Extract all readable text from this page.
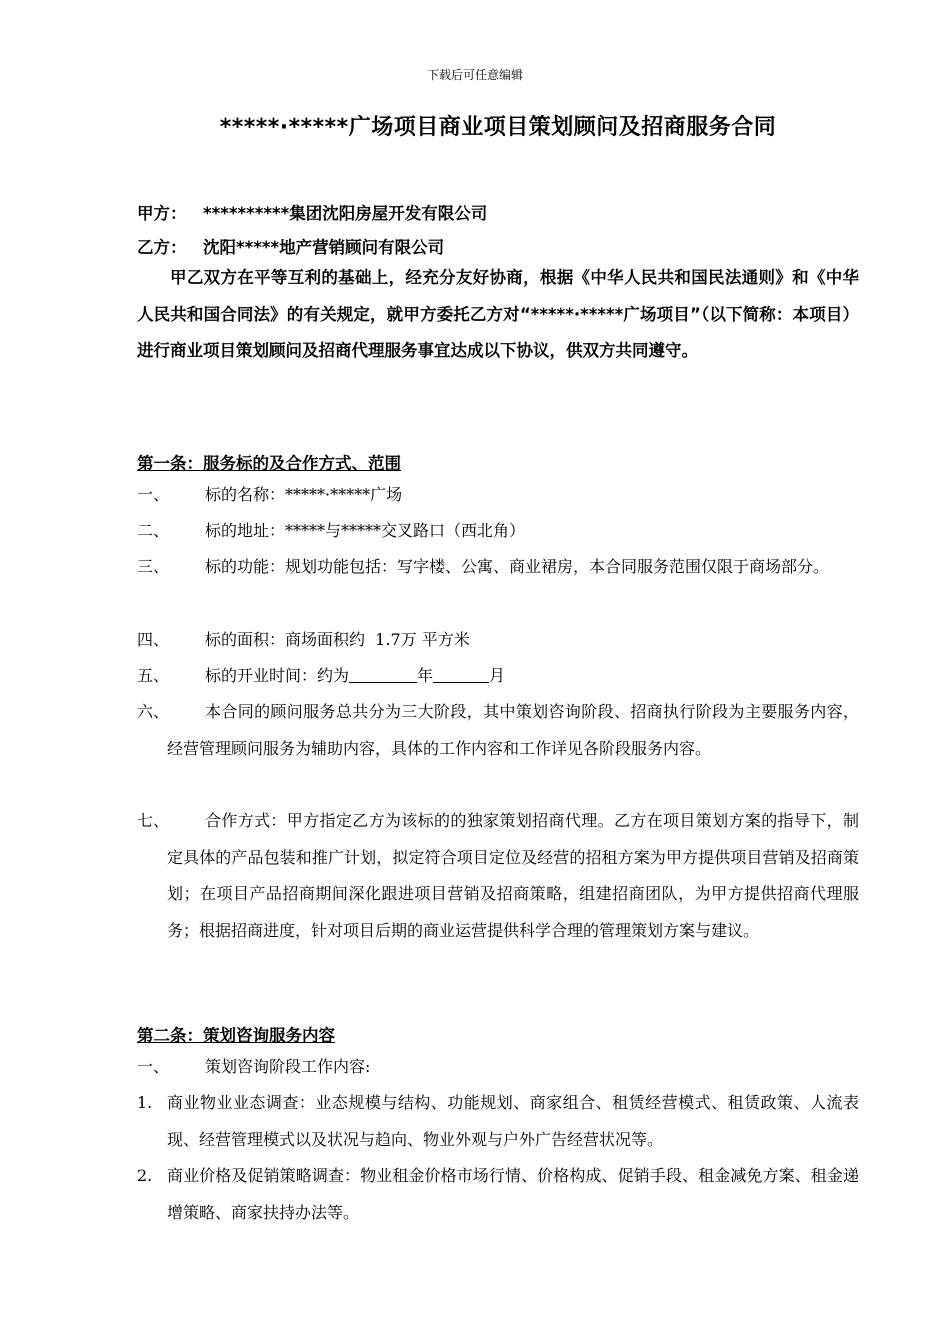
下载后可任意编辑
*****·*****广场项目商业项目策划顾问及招商服务合同
甲方： **********集团沈阳房屋开发有限公司
乙方： 沈阳*****地产营销顾问有限公司

甲乙双方在平等互利的基础上，经充分友好协商，根据《中华人民共和国民法通则》和《中华人民共和国合同法》的有关规定，就甲方委托乙方对“*****·*****广场项目”（以下简称：本项目）进行商业项目策划顾问及招商代理服务事宜达成以下协议，供双方共同遵守。

第一条：服务标的及合作方式、范围
一、	标的名称：*****·*****广场
二、	标的地址：*****与*****交叉路口（西北角）
三、	标的功能：规划功能包括：写字楼、公寓、商业裙房，本合同服务范围仅限于商场部分。
四、	标的面积：商场面积约  1.7万 平方米
五、	标的开业时间：约为	年	月
六、	本合同的顾问服务总共分为三大阶段，其中策划咨询阶段、招商执行阶段为主要服务内容，经营管理顾问服务为辅助内容，具体的工作内容和工作详见各阶段服务内容。
七、	合作方式：甲方指定乙方为该标的的独家策划招商代理。乙方在项目策划方案的指导下，制定具体的产品包装和推广计划，拟定符合项目定位及经营的招租方案为甲方提供项目营销及招商策划；在项目产品招商期间深化跟进项目营销及招商策略，组建招商团队，为甲方提供招商代理服务；根据招商进度，针对项目后期的商业运营提供科学合理的管理策划方案与建议。
第二条：策划咨询服务内容
一、	策划咨询阶段工作内容:
1. 商业物业业态调查：业态规模与结构、功能规划、商家组合、租赁经营模式、租赁政策、人流表现、经营管理模式以及状况与趋向、物业外观与户外广告经营状况等。
2. 商业价格及促销策略调查：物业租金价格市场行情、价格构成、促销手段、租金减免方案、租金递增策略、商家扶持办法等。
